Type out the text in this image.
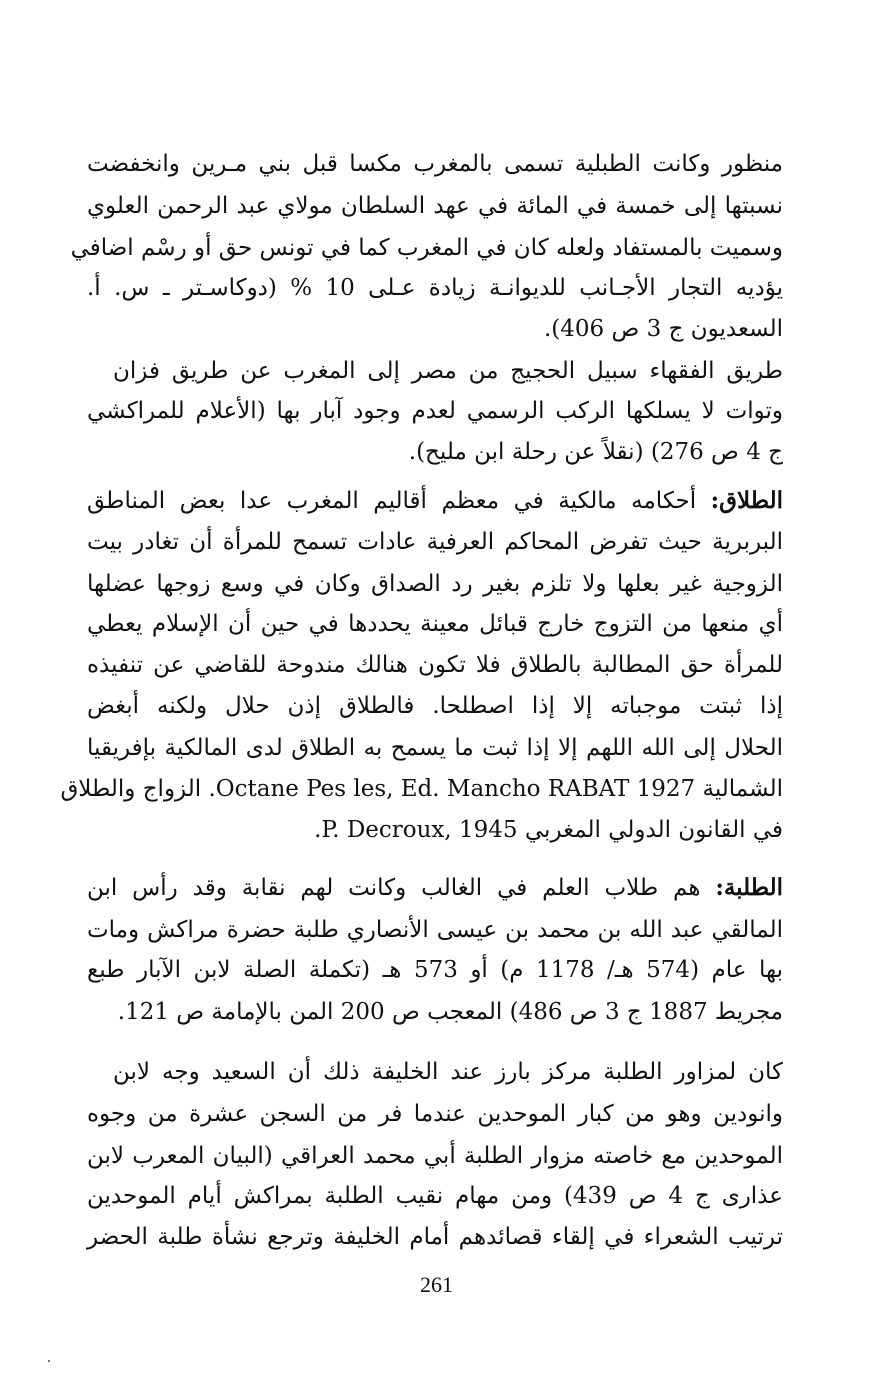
منظور وكانت الطبلية تسمى بالمغرب مكسا قبل بني مـرين وانخفضت
نسبتها إلى خمسة في المائة في عهد السلطان مولاي عبد الرحمن العلوي
وسميت بالمستفاد ولعله كان في المغرب كما في تونس حق أو رسْم اضافي
يؤديه التجار الأجـانب للديوانـة زيادة عـلى 10 % (دوكاسـتر ـ س. أ.
السعديون ج 3 ص 406).
طريق الفقهاء سبيل الحجيج من مصر إلى المغرب عن طريق فزان
وتوات لا يسلكها الركب الرسمي لعدم وجود آبار بها (الأعلام للمراكشي
ج 4 ص 276) (نقلاً عن رحلة ابن مليح).
الطلاق: أحكامه مالكية في معظم أقاليم المغرب عدا بعض المناطق
البربرية حيث تفرض المحاكم العرفية عادات تسمح للمرأة أن تغادر بيت
الزوجية غير بعلها ولا تلزم بغير رد الصداق وكان في وسع زوجها عضلها
أي منعها من التزوج خارج قبائل معينة يحددها في حين أن الإسلام يعطي
للمرأة حق المطالبة بالطلاق فلا تكون هنالك مندوحة للقاضي عن تنفيذه
إذا ثبتت موجباته إلا إذا اصطلحا. فالطلاق إذن حلال ولكنه أبغض
الحلال إلى الله اللهم إلا إذا ثبت ما يسمح به الطلاق لدى المالكية بإفريقيا
الشمالية Octane Pes les, Ed. Mancho RABAT 1927. الزواج والطلاق
في القانون الدولي المغربي P. Decroux, 1945.
الطلبة: هم طلاب العلم في الغالب وكانت لهم نقابة وقد رأس ابن
المالقي عبد الله بن محمد بن عيسى الأنصاري طلبة حضرة مراكش ومات
بها عام (574 هـ/ 1178 م) أو 573 هـ (تكملة الصلة لابن الآبار طبع
مجريط 1887 ج 3 ص 486) المعجب ص 200 المن بالإمامة ص 121.
كان لمزاور الطلبة مركز بارز عند الخليفة ذلك أن السعيد وجه لابن
وانودين وهو من كبار الموحدين عندما فر من السجن عشرة من وجوه
الموحدين مع خاصته مزوار الطلبة أبي محمد العراقي (البيان المعرب لابن
عذارى ج 4 ص 439) ومن مهام نقيب الطلبة بمراكش أيام الموحدين
ترتيب الشعراء في إلقاء قصائدهم أمام الخليفة وترجع نشأة طلبة الحضر
261
